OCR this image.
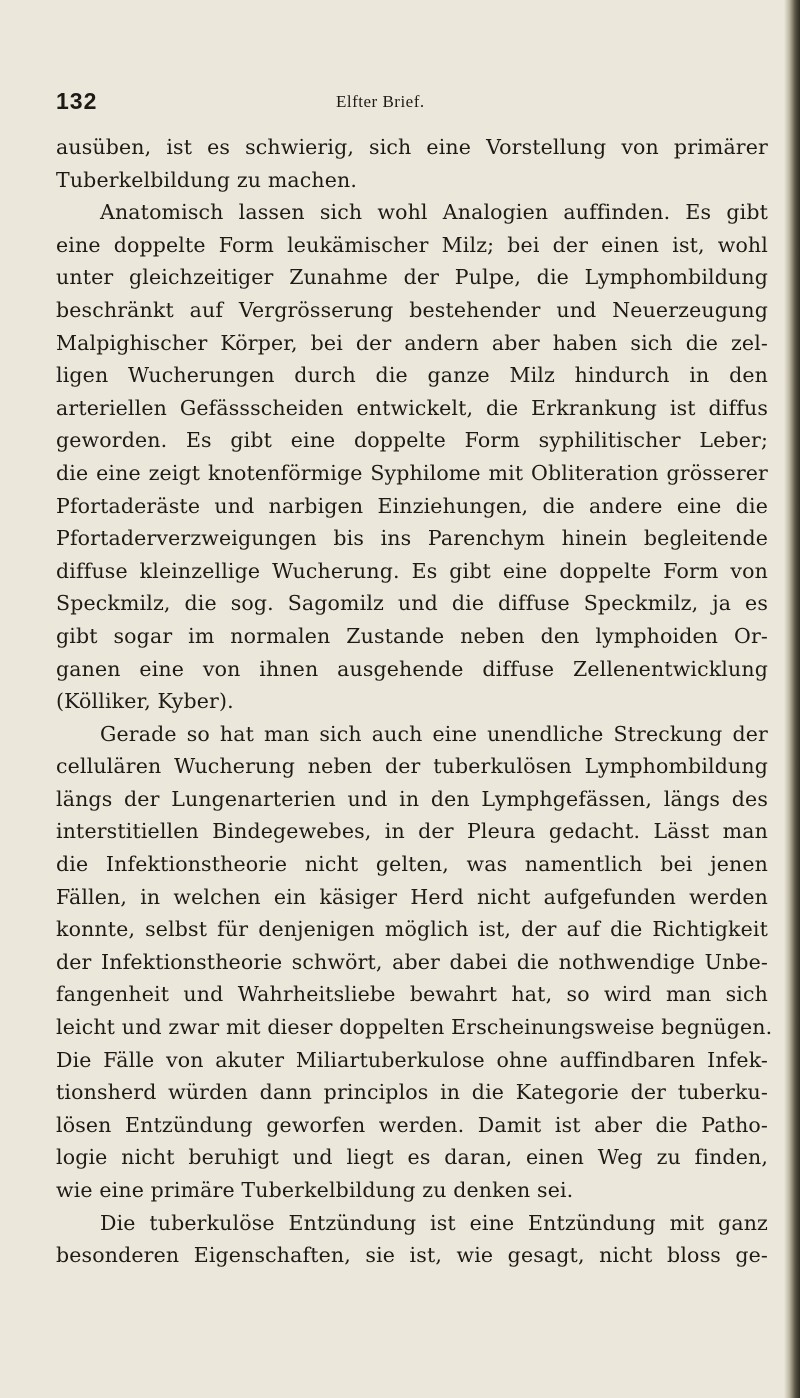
132	Elfter Brief.
ausüben, ist es schwierig, sich eine Vorstellung von primärer
Tuberkelbildung zu machen.
Anatomisch lassen sich wohl Analogien auffinden. Es gibt
eine doppelte Form leukämischer Milz; bei der einen ist, wohl
unter gleichzeitiger Zunahme der Pulpe, die Lymphombildung
beschränkt auf Vergrösserung bestehender und Neuerzeugung
Malpighischer Körper, bei der andern aber haben sich die zel-
ligen Wucherungen durch die ganze Milz hindurch in den
arteriellen Gefässscheiden entwickelt, die Erkrankung ist diffus
geworden. Es gibt eine doppelte Form syphilitischer Leber;
die eine zeigt knotenförmige Syphilome mit Obliteration grösserer
Pfortaderäste und narbigen Einziehungen, die andere eine die
Pfortaderverzweigungen bis ins Parenchym hinein begleitende
diffuse kleinzellige Wucherung. Es gibt eine doppelte Form von
Speckmilz, die sog. Sagomilz und die diffuse Speckmilz, ja es
gibt sogar im normalen Zustande neben den lymphoiden Or-
ganen eine von ihnen ausgehende diffuse Zellenentwicklung
(Kölliker, Kyber).
Gerade so hat man sich auch eine unendliche Streckung der
cellulären Wucherung neben der tuberkulösen Lymphombildung
längs der Lungenarterien und in den Lymphgefässen, längs des
interstitiellen Bindegewebes, in der Pleura gedacht. Lässt man
die Infektionstheorie nicht gelten, was namentlich bei jenen
Fällen, in welchen ein käsiger Herd nicht aufgefunden werden
konnte, selbst für denjenigen möglich ist, der auf die Richtigkeit
der Infektionstheorie schwört, aber dabei die nothwendige Unbe-
fangenheit und Wahrheitsliebe bewahrt hat, so wird man sich
leicht und zwar mit dieser doppelten Erscheinungsweise begnügen.
Die Fälle von akuter Miliartuberkulose ohne auffindbaren Infek-
tionsherd würden dann principlos in die Kategorie der tuberku-
lösen Entzündung geworfen werden. Damit ist aber die Patho-
logie nicht beruhigt und liegt es daran, einen Weg zu finden,
wie eine primäre Tuberkelbildung zu denken sei.
Die tuberkulöse Entzündung ist eine Entzündung mit ganz
besonderen Eigenschaften, sie ist, wie gesagt, nicht bloss ge-
